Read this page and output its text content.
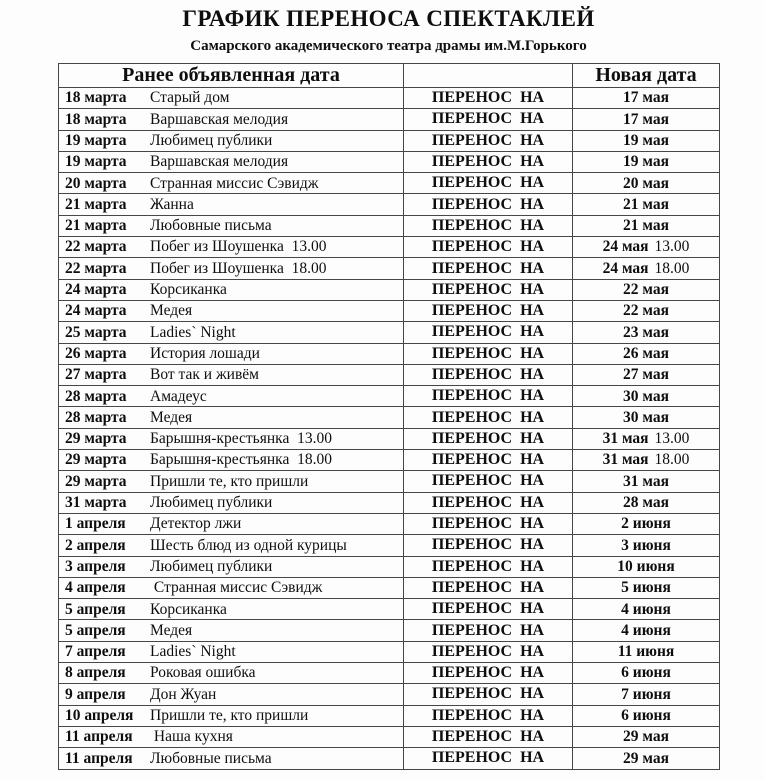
ГРАФИК ПЕРЕНОСА СПЕКТАКЛЕЙ
Самарского академического театра драмы им.М.Горького
Ранее объявленная дата		Новая дата
18 марта Старый дом	ПЕРЕНОС  НА	17 мая
18 марта Варшавская мелодия	ПЕРЕНОС  НА	17 мая
19 марта Любимец публики	ПЕРЕНОС  НА	19 мая
19 марта Варшавская мелодия	ПЕРЕНОС  НА	19 мая
20 марта Странная миссис Сэвидж	ПЕРЕНОС  НА	20 мая
21 марта Жанна	ПЕРЕНОС  НА	21 мая
21 марта Любовные письма	ПЕРЕНОС  НА	21 мая
22 марта Побег из Шоушенка  13.00	ПЕРЕНОС  НА	24 мая 13.00
22 марта Побег из Шоушенка  18.00	ПЕРЕНОС  НА	24 мая 18.00
24 марта Корсиканка	ПЕРЕНОС  НА	22 мая
24 марта Медея	ПЕРЕНОС  НА	22 мая
25 марта Ladies` Night	ПЕРЕНОС  НА	23 мая
26 марта История лошади	ПЕРЕНОС  НА	26 мая
27 марта Вот так и живём	ПЕРЕНОС  НА	27 мая
28 марта Амадеус	ПЕРЕНОС  НА	30 мая
28 марта Медея	ПЕРЕНОС  НА	30 мая
29 марта Барышня-крестьянка  13.00	ПЕРЕНОС  НА	31 мая 13.00
29 марта Барышня-крестьянка  18.00	ПЕРЕНОС  НА	31 мая 18.00
29 марта Пришли те, кто пришли	ПЕРЕНОС  НА	31 мая
31 марта Любимец публики	ПЕРЕНОС  НА	28 мая
1 апреля Детектор лжи	ПЕРЕНОС  НА	2 июня
2 апреля Шесть блюд из одной курицы	ПЕРЕНОС  НА	3 июня
3 апреля Любимец публики	ПЕРЕНОС  НА	10 июня
4 апреля Странная миссис Сэвидж	ПЕРЕНОС  НА	5 июня
5 апреля Корсиканка	ПЕРЕНОС  НА	4 июня
5 апреля Медея	ПЕРЕНОС  НА	4 июня
7 апреля Ladies` Night	ПЕРЕНОС  НА	11 июня
8 апреля Роковая ошибка	ПЕРЕНОС  НА	6 июня
9 апреля Дон Жуан	ПЕРЕНОС  НА	7 июня
10 апреля Пришли те, кто пришли	ПЕРЕНОС  НА	6 июня
11 апреля Наша кухня	ПЕРЕНОС  НА	29 мая
11 апреля Любовные письма	ПЕРЕНОС  НА	29 мая
